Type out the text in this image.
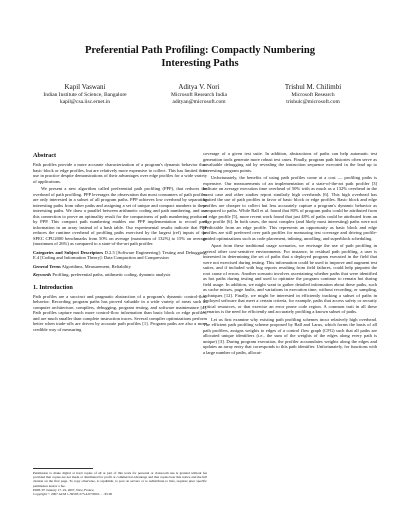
Preferential Path Profiling: Compactly Numbering
Interesting Paths
Kapil Vaswani
Indian Institute of Science, Bangalore
kapil@csa.iisc.ernet.in
Aditya V. Nori
Microsoft Research India
adityan@microsoft.com
Trishul M. Chilimbi
Microsoft Research
trishulc@microsoft.com
Abstract

Path profiles provide a more accurate characterization of a program's dynamic behavior than basic block or edge profiles, but are relatively more expensive to collect. This has limited their use in practice despite demonstrations of their advantages over edge profiles for a wide variety of applications.

We present a new algorithm called preferential path profiling (PPP), that reduces the overhead of path profiling. PPP leverages the observation that most consumers of path profiles are only interested in a subset of all program paths. PPP achieves low overhead by separating interesting paths from other paths and assigning a set of unique and compact numbers to these interesting paths. We draw a parallel between arithmetic coding and path numbering, and use this connection to prove an optimality result for the compactness of path numbering produced by PPP. This compact path numbering enables our PPP implementation to record path information in an array instead of a hash table. Our experimental results indicate that PPP reduces the runtime overhead of profiling paths exercised by the largest (ref) inputs of the SPEC CPU2000 benchmarks from 50% on average (maximum of 132%) to 15% on average (maximum of 26%) as compared to a state-of-the-art path profiler.

Categories and Subject Descriptors D.2.5 [Software Engineering]: Testing and Debugging; E.4 [Coding and Information Theory]: Data Compaction and Compression

General Terms Algorithms, Measurement, Reliability

Keywords Profiling, preferential paths, arithmetic coding, dynamic analysis

1. Introduction

Path profiles are a succinct and pragmatic abstraction of a program's dynamic control-flow behavior. Recording program paths has proved valuable in a wide variety of areas such as computer architecture, compilers, debugging, program testing, and software maintenance [4]. Path profiles capture much more control-flow information than basic block or edge profiles, and are much smaller than complete instruction traces. Several compiler optimizations perform better when trade-offs are driven by accurate path profiles [1]. Program paths are also a more credible way of measuring

coverage of a given test suite. In addition, abstractions of paths can help automatic test generation tools generate more robust test cases. Finally, program path histories often serve as a valuable debugging aid by revealing the instruction sequence executed in the lead up to interesting program points.

Unfortunately, the benefits of using path profiles come at a cost — profiling paths is expensive. Our measurements of an implementation of a state-of-the-art path profiler [3] indicate an average execution time overhead of 50% with as much as a 132% overhead in the worst case and other studies report similarly high overheads [6]. This high overhead has limited the use of path profiles in favor of basic block or edge profiles. Basic block and edge profiles are cheaper to collect but less accurately capture a program's dynamic behavior as compared to paths. While Ball et al. found that 80% of program paths could be attributed from an edge profile [5], more recent work found that just 48% of paths could be attributed from an edge profile [6]. In both cases, the most complex (and likely most interesting) paths were not predictable from an edge profile. This represents an opportunity as basic block and edge profiles are still preferred over path profiles for measuring test coverage and driving profile-guided optimizations such as code placement, inlining, unrolling, and superblock scheduling.

Apart from these traditional usage scenarios, we envisage the use of path profiling in several other cost-sensitive environments. For instance, in residual path profiling, a user is interested in determining the set of paths that a deployed program executed in the field that were not exercised during testing. This information could be used to improve and augment test suites, and if included with bug reports resulting from field failures, could help pinpoint the root cause of errors. Another scenario involves ascertaining whether paths that were identified as hot paths during testing and used to optimize the program continue to remain hot during field usage. In addition, we might want to gather detailed information about these paths, such as cache misses, page faults, and variations in execution time, without recording, or sampling, techniques [12]. Finally, we might be interested in efficiently tracking a subset of paths in deployed software that meet a certain criteria, for example, paths that access safety or security critical resources, or that exercise an error prone code region. A common trait in all these scenarios is the need for efficiently and accurately profiling a known subset of paths.

Let us first examine why existing path profiling schemes incur relatively high overhead. The efficient path profiling scheme proposed by Ball and Larus, which forms the basis of all path profilers, assigns weights to edges of a control flow graph (CFG) such that all paths are allocated unique identifiers (i.e., the sum of the weights of the edges along every path is unique) [3]. During program execution, the profiler accumulates weights along the edges and updates an array entry that corresponds to this path identifier. Unfortunately, for functions with a large number of paths, allocat-

Permission to make digital or hard copies of all or part of this work for personal or classroom use is granted without fee provided that copies are not made or distributed for profit or commercial advantage and that copies bear this notice and the full citation on the first page. To copy otherwise, to republish, to post on servers or to redistribute to lists, requires prior specific permission and/or a fee.
POPL'07 January 17–19, 2007, Nice, France.
Copyright © 2007 ACM 1-59593-575-4/07/0001. . . $5.00
